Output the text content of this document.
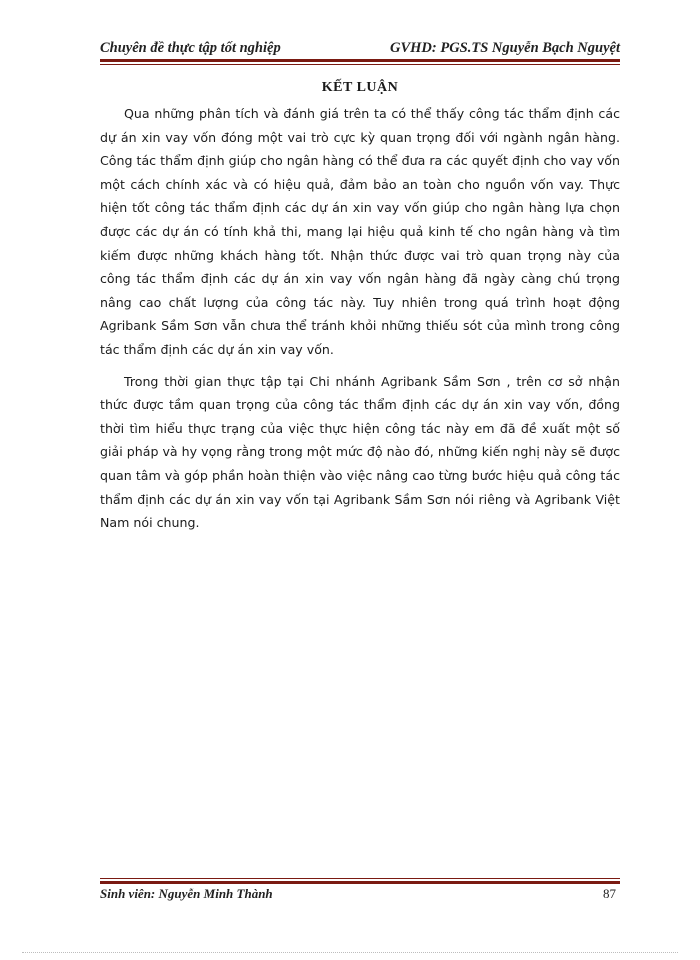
Chuyên đề thực tập tốt nghiệp	GVHD: PGS.TS Nguyễn Bạch Nguyệt
KẾT LUẬN

Qua những phân tích và đánh giá trên ta có thể thấy công tác thẩm định các dự án xin vay vốn đóng một vai trò cực kỳ quan trọng đối với ngành ngân hàng. Công tác thẩm định giúp cho ngân hàng có thể đưa ra các quyết định cho vay vốn một cách chính xác và có hiệu quả, đảm bảo an toàn cho nguồn vốn vay. Thực hiện tốt công tác thẩm định các dự án xin vay vốn giúp cho ngân hàng lựa chọn được các dự án có tính khả thi, mang lại hiệu quả kinh tế cho ngân hàng và tìm kiếm được những khách hàng tốt. Nhận thức được vai trò quan trọng này của công tác thẩm định các dự án xin vay vốn ngân hàng đã ngày càng chú trọng nâng cao chất lượng của công tác này. Tuy nhiên trong quá trình hoạt động Agribank Sầm Sơn vẫn chưa thể tránh khỏi những thiếu sót của mình trong công tác thẩm định các dự án xin vay vốn.

Trong thời gian thực tập tại Chi nhánh Agribank Sầm Sơn , trên cơ sở nhận thức được tầm quan trọng của công tác thẩm định các dự án xin vay vốn, đồng thời tìm hiểu thực trạng của việc thực hiện công tác này em đã đề xuất một số giải pháp và hy vọng rằng trong một mức độ nào đó, những kiến nghị này sẽ được quan tâm và góp phần hoàn thiện vào việc nâng cao từng bước hiệu quả công tác thẩm định các dự án xin vay vốn tại Agribank Sầm Sơn nói riêng và Agribank Việt Nam nói chung.

Sinh viên: Nguyễn Minh Thành	87
